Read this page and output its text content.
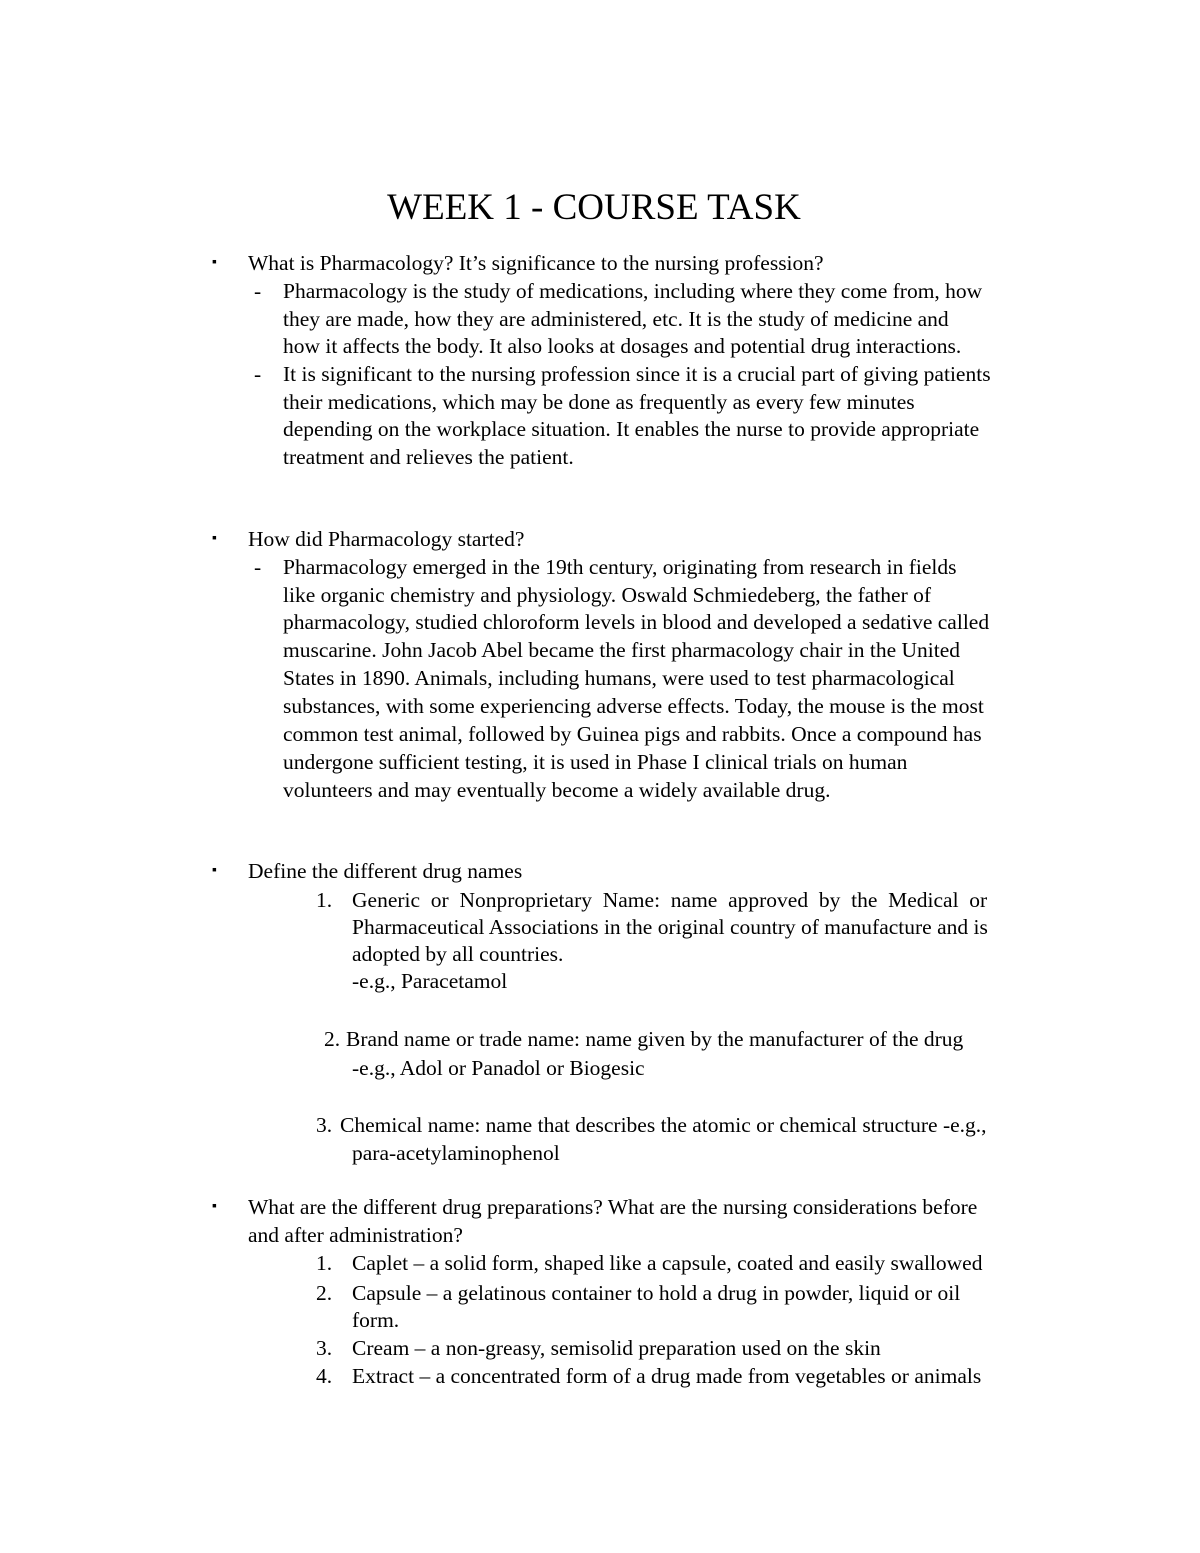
WEEK 1 - COURSE TASK
▪ What is Pharmacology? It’s significance to the nursing profession?
- Pharmacology is the study of medications, including where they come from, how
they are made, how they are administered, etc. It is the study of medicine and
how it affects the body. It also looks at dosages and potential drug interactions.
- It is significant to the nursing profession since it is a crucial part of giving patients
their medications, which may be done as frequently as every few minutes
depending on the workplace situation. It enables the nurse to provide appropriate
treatment and relieves the patient.
▪ How did Pharmacology started?
- Pharmacology emerged in the 19th century, originating from research in fields
like organic chemistry and physiology. Oswald Schmiedeberg, the father of
pharmacology, studied chloroform levels in blood and developed a sedative called
muscarine. John Jacob Abel became the first pharmacology chair in the United
States in 1890. Animals, including humans, were used to test pharmacological
substances, with some experiencing adverse effects. Today, the mouse is the most
common test animal, followed by Guinea pigs and rabbits. Once a compound has
undergone sufficient testing, it is used in Phase I clinical trials on human
volunteers and may eventually become a widely available drug.
▪ Define the different drug names
1. Generic  or  Nonproprietary  Name:  name  approved  by  the  Medical  or
Pharmaceutical Associations in the original country of manufacture and is
adopted by all countries.
-e.g., Paracetamol
2. Brand name or trade name: name given by the manufacturer of the drug
-e.g., Adol or Panadol or Biogesic
3. Chemical name: name that describes the atomic or chemical structure -e.g.,
para-acetylaminophenol
▪ What are the different drug preparations? What are the nursing considerations before
and after administration?
1. Caplet – a solid form, shaped like a capsule, coated and easily swallowed
2. Capsule – a gelatinous container to hold a drug in powder, liquid or oil
form.
3. Cream – a non-greasy, semisolid preparation used on the skin
4. Extract – a concentrated form of a drug made from vegetables or animals
